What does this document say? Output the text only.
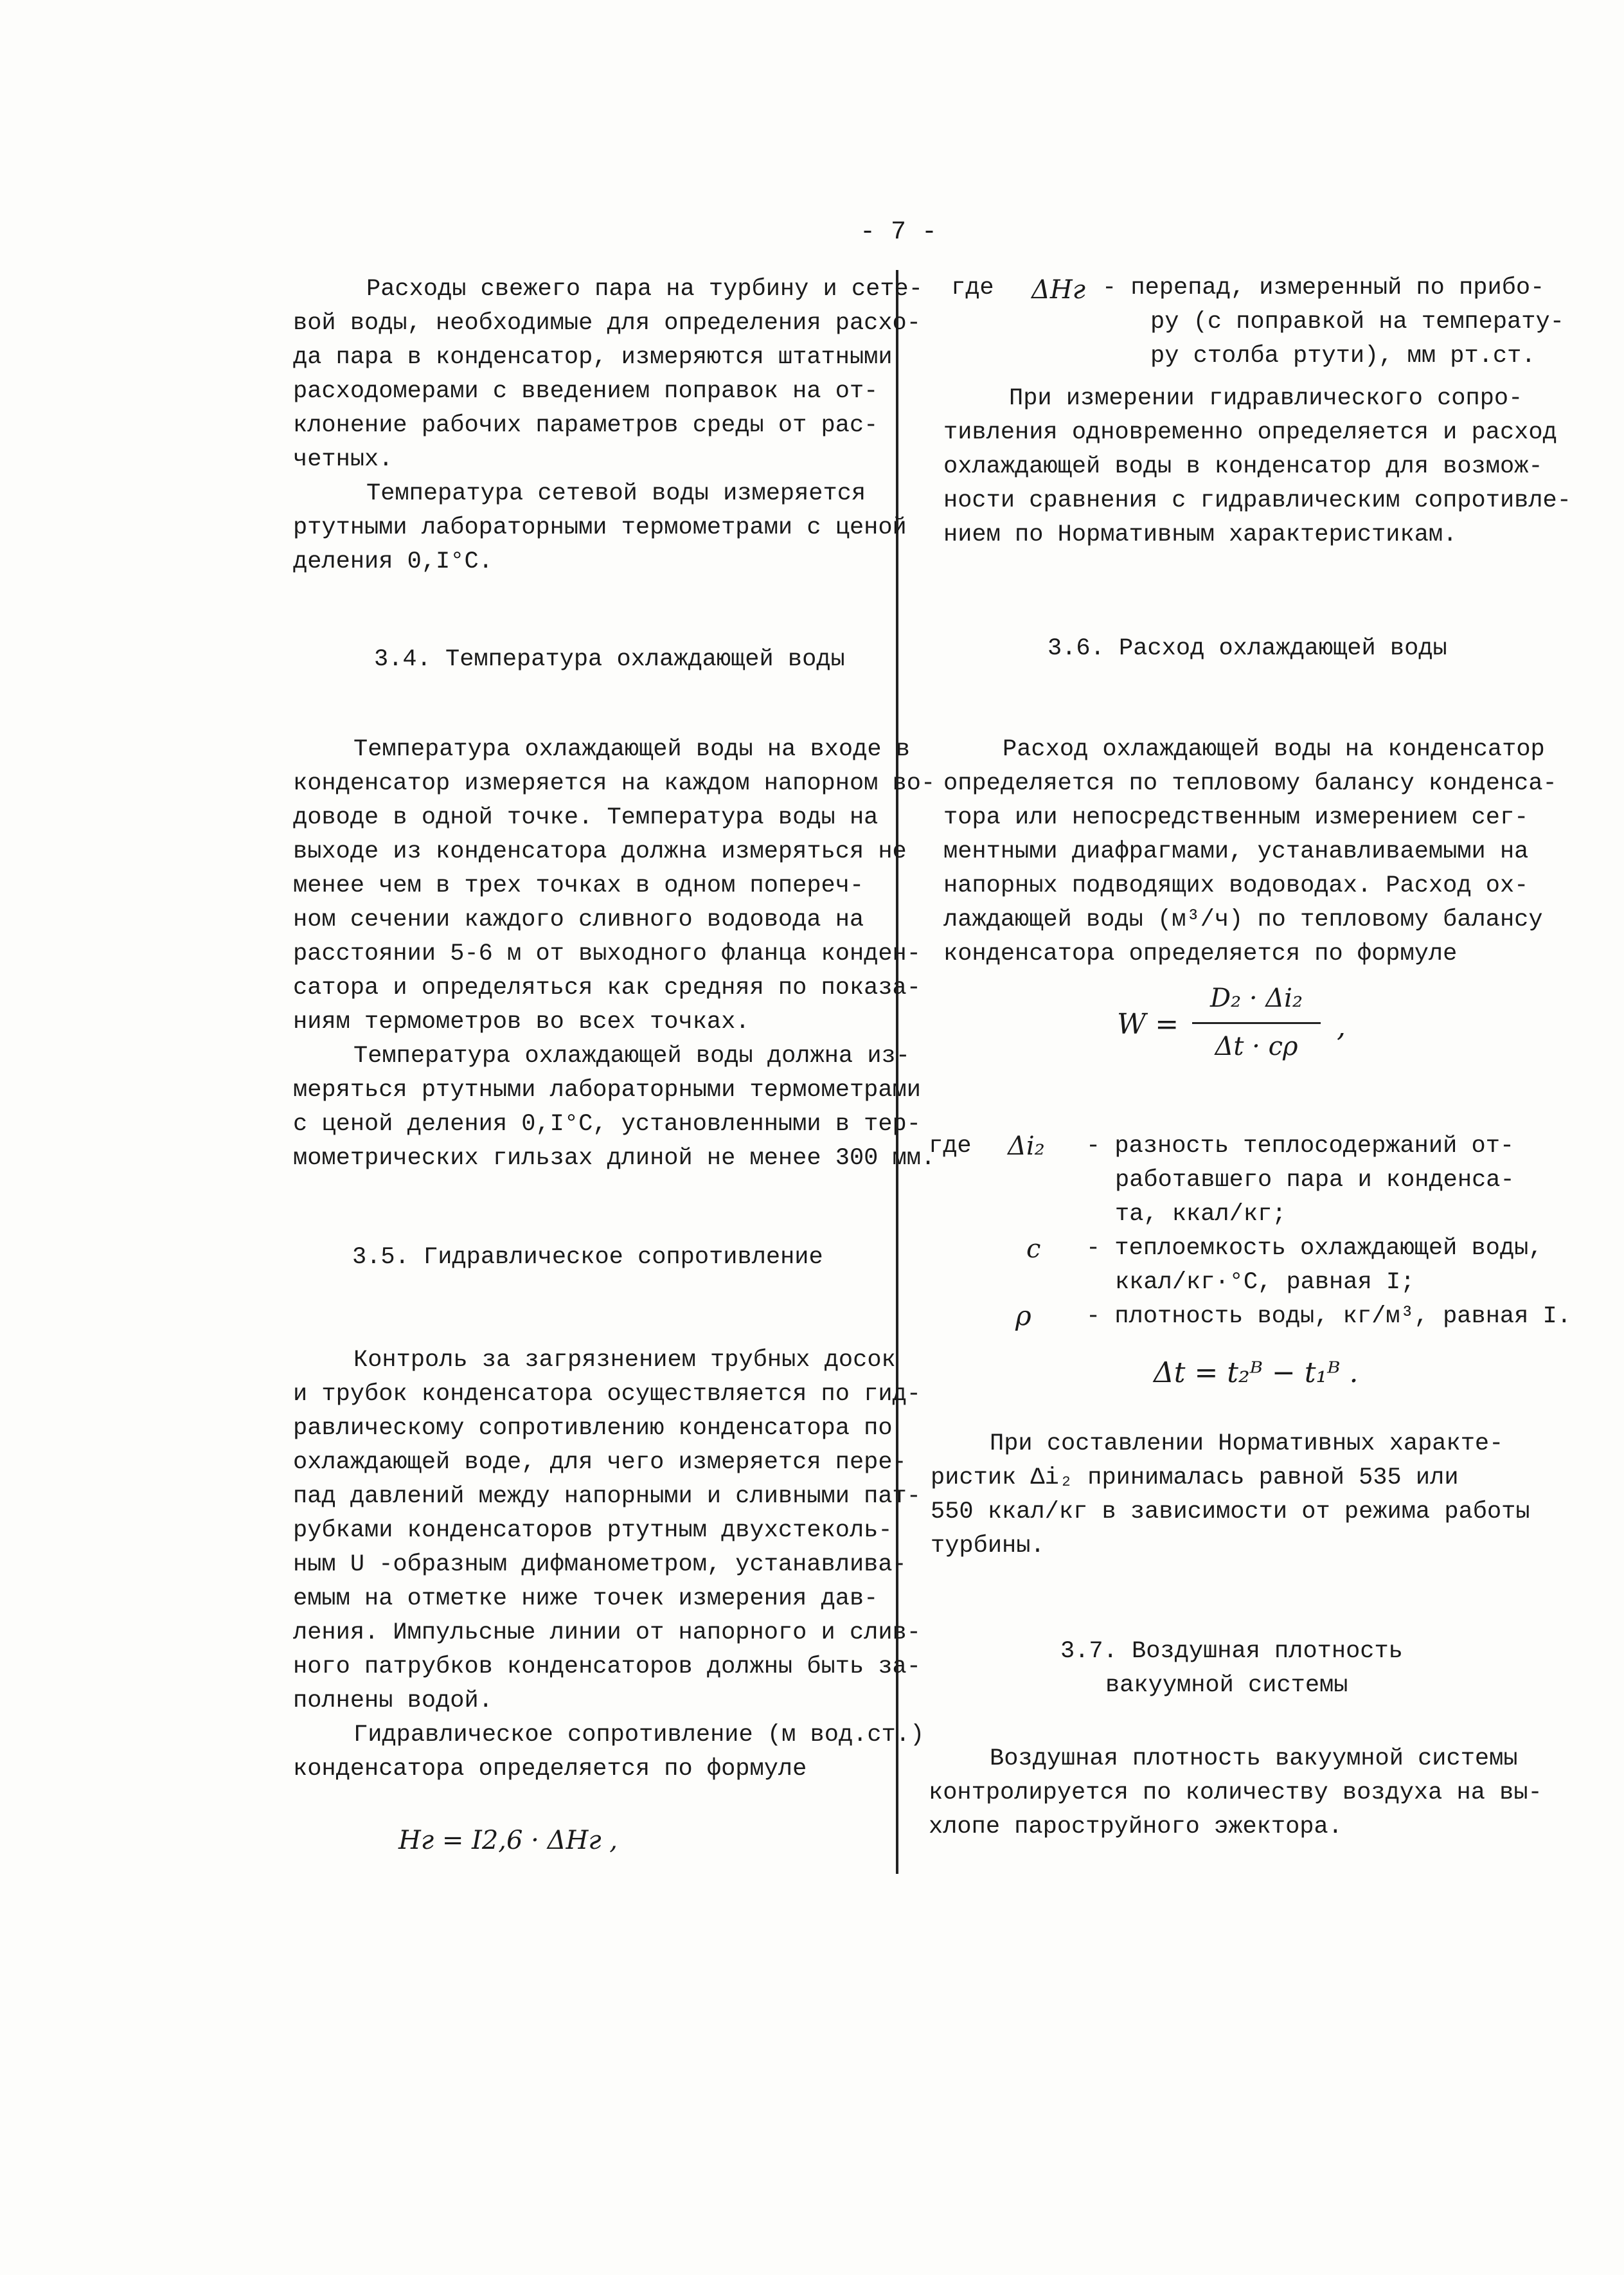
- 7 -
Расходы свежего пара на турбину и сете-
вой воды, необходимые для определения расхо-
да пара в конденсатор, измеряются штатными
расходомерами с введением поправок на от-
клонение рабочих параметров среды от рас-
четных.
Температура сетевой воды измеряется
ртутными лабораторными термометрами с ценой
деления 0,I°C.
3.4. Температура охлаждающей воды
Температура охлаждающей воды на входе в
конденсатор измеряется на каждом напорном во-
доводе в одной точке. Температура воды на
выходе из конденсатора должна измеряться не
менее чем в трех точках в одном попереч-
ном сечении каждого сливного водовода на
расстоянии 5-6 м от выходного фланца конден-
сатора и определяться как средняя по показа-
ниям термометров во всех точках.
Температура охлаждающей воды должна из-
меряться ртутными лабораторными термометрами
с ценой деления 0,I°C, установленными в тер-
мометрических гильзах длиной не менее 300 мм.
3.5. Гидравлическое сопротивление
Контроль за загрязнением трубных досок
и трубок конденсатора осуществляется по гид-
равлическому сопротивлению конденсатора по
охлаждающей воде, для чего измеряется пере-
пад давлений между напорными и сливными пат-
рубками конденсаторов ртутным двухстеколь-
ным U -образным дифманометром, устанавлива-
емым на отметке ниже точек измерения дав-
ления. Импульсные линии от напорного и слив-
ного патрубков конденсаторов должны быть за-
полнены водой.
Гидравлическое сопротивление (м вод.ст.)
конденсатора определяется по формуле
Hг = I2,6 · ΔHг ,
где ΔHг - перепад, измеренный по прибо-
ру (с поправкой на температу-
ру столба ртути), мм рт.ст.
При измерении гидравлического сопро-
тивления одновременно определяется и расход
охлаждающей воды в конденсатор для возмож-
ности сравнения с гидравлическим сопротивле-
нием по Нормативным характеристикам.
3.6. Расход охлаждающей воды
Расход охлаждающей воды на конденсатор
определяется по тепловому балансу конденса-
тора или непосредственным измерением сег-
ментными диафрагмами, устанавливаемыми на
напорных подводящих водоводах. Расход ох-
лаждающей воды (м³/ч) по тепловому балансу
конденсатора определяется по формуле
W =
D₂ · Δi₂
Δt · cρ
,
где Δi₂ - разность теплосодержаний от-
работавшего пара и конденса-
та, ккал/кг;
c - теплоемкость охлаждающей воды,
ккал/кг·°C, равная I;
ρ - плотность воды, кг/м³, равная I.
Δt = t₂ᴮ − t₁ᴮ .
При составлении Нормативных характе-
ристик Δi₂ принималась равной 535 или
550 ккал/кг в зависимости от режима работы
турбины.
3.7. Воздушная плотность
вакуумной системы
Воздушная плотность вакуумной системы
контролируется по количеству воздуха на вы-
хлопе пароструйного эжектора.
